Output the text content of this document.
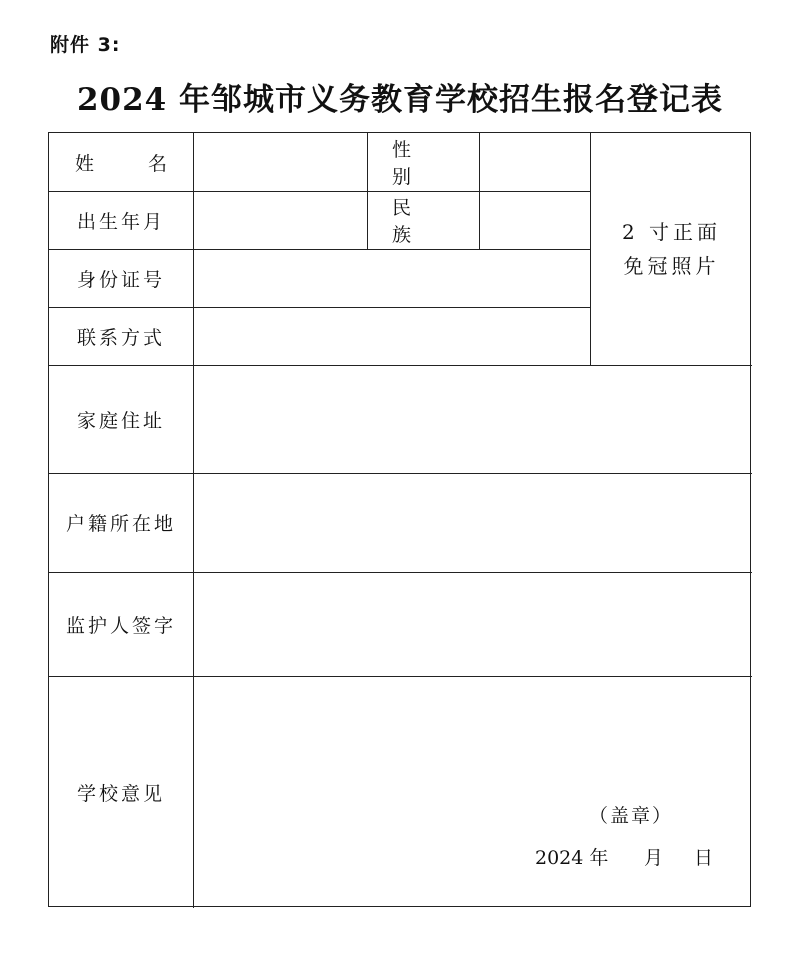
附件 3:
2024 年邹城市义务教育学校招生报名登记表
姓 名
性 别
出生年月
民 族	2 寸正面
免冠照片
身份证号
联系方式
家庭住址
户籍所在地
监护人签字
学校意见
（盖章）
2024 年 月 日
